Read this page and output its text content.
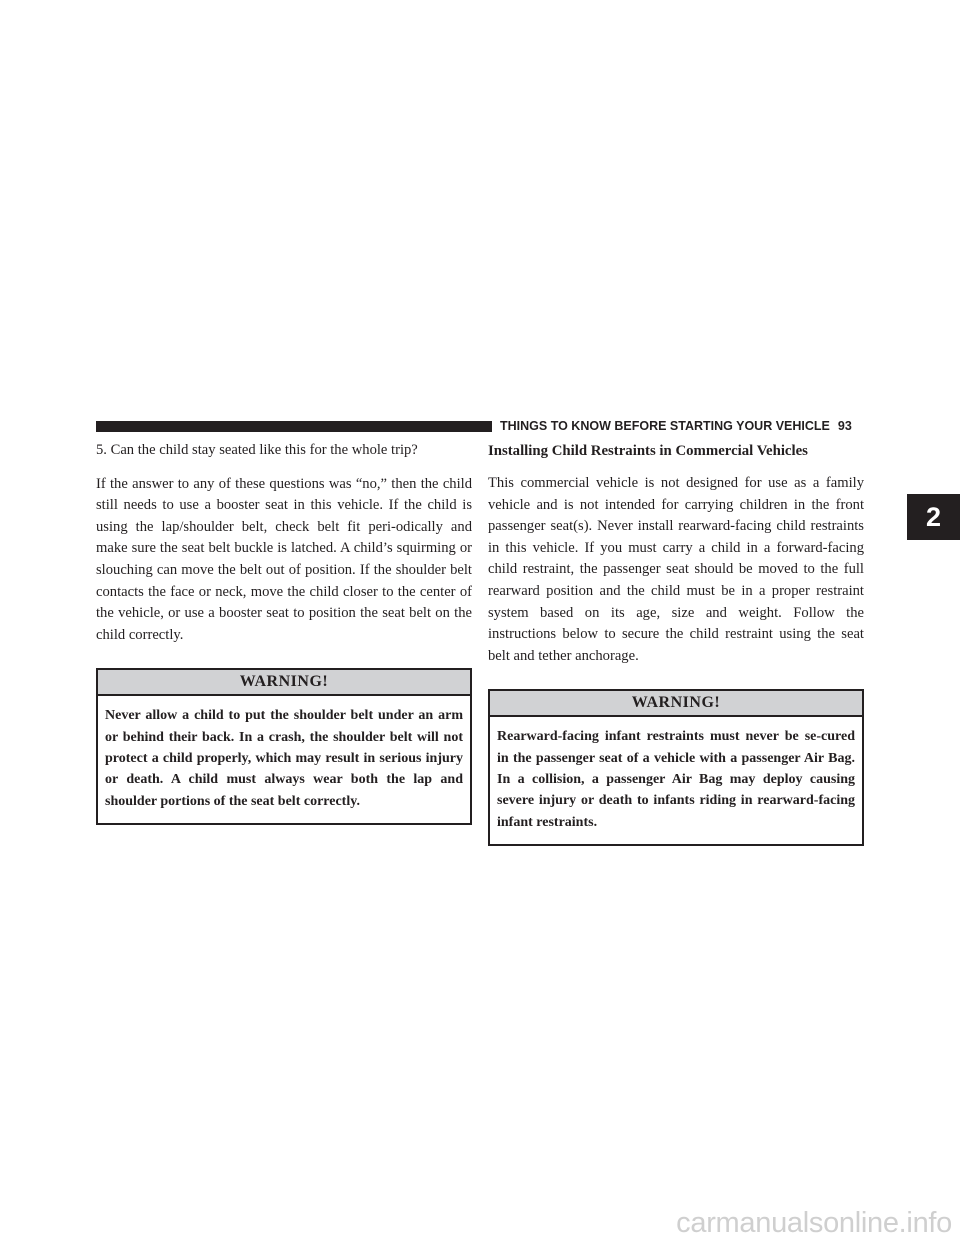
THINGS TO KNOW BEFORE STARTING YOUR VEHICLE 93
2

5. Can the child stay seated like this for the whole trip?

If the answer to any of these questions was “no,” then the child still needs to use a booster seat in this vehicle. If the child is using the lap/shoulder belt, check belt fit peri-odically and make sure the seat belt buckle is latched. A child’s squirming or slouching can move the belt out of position. If the shoulder belt contacts the face or neck, move the child closer to the center of the vehicle, or use a booster seat to position the seat belt on the child correctly.

WARNING!
Never allow a child to put the shoulder belt under an arm or behind their back. In a crash, the shoulder belt will not protect a child properly, which may result in serious injury or death. A child must always wear both the lap and shoulder portions of the seat belt correctly.
Installing Child Restraints in Commercial Vehicles

This commercial vehicle is not designed for use as a family vehicle and is not intended for carrying children in the front passenger seat(s). Never install rearward-facing child restraints in this vehicle. If you must carry a child in a forward-facing child restraint, the passenger seat should be moved to the full rearward position and the child must be in a proper restraint system based on its age, size and weight. Follow the instructions below to secure the child restraint using the seat belt and tether anchorage.

WARNING!
Rearward-facing infant restraints must never be se-cured in the passenger seat of a vehicle with a passenger Air Bag. In a collision, a passenger Air Bag may deploy causing severe injury or death to infants riding in rearward-facing infant restraints.
carmanualsonline.info
